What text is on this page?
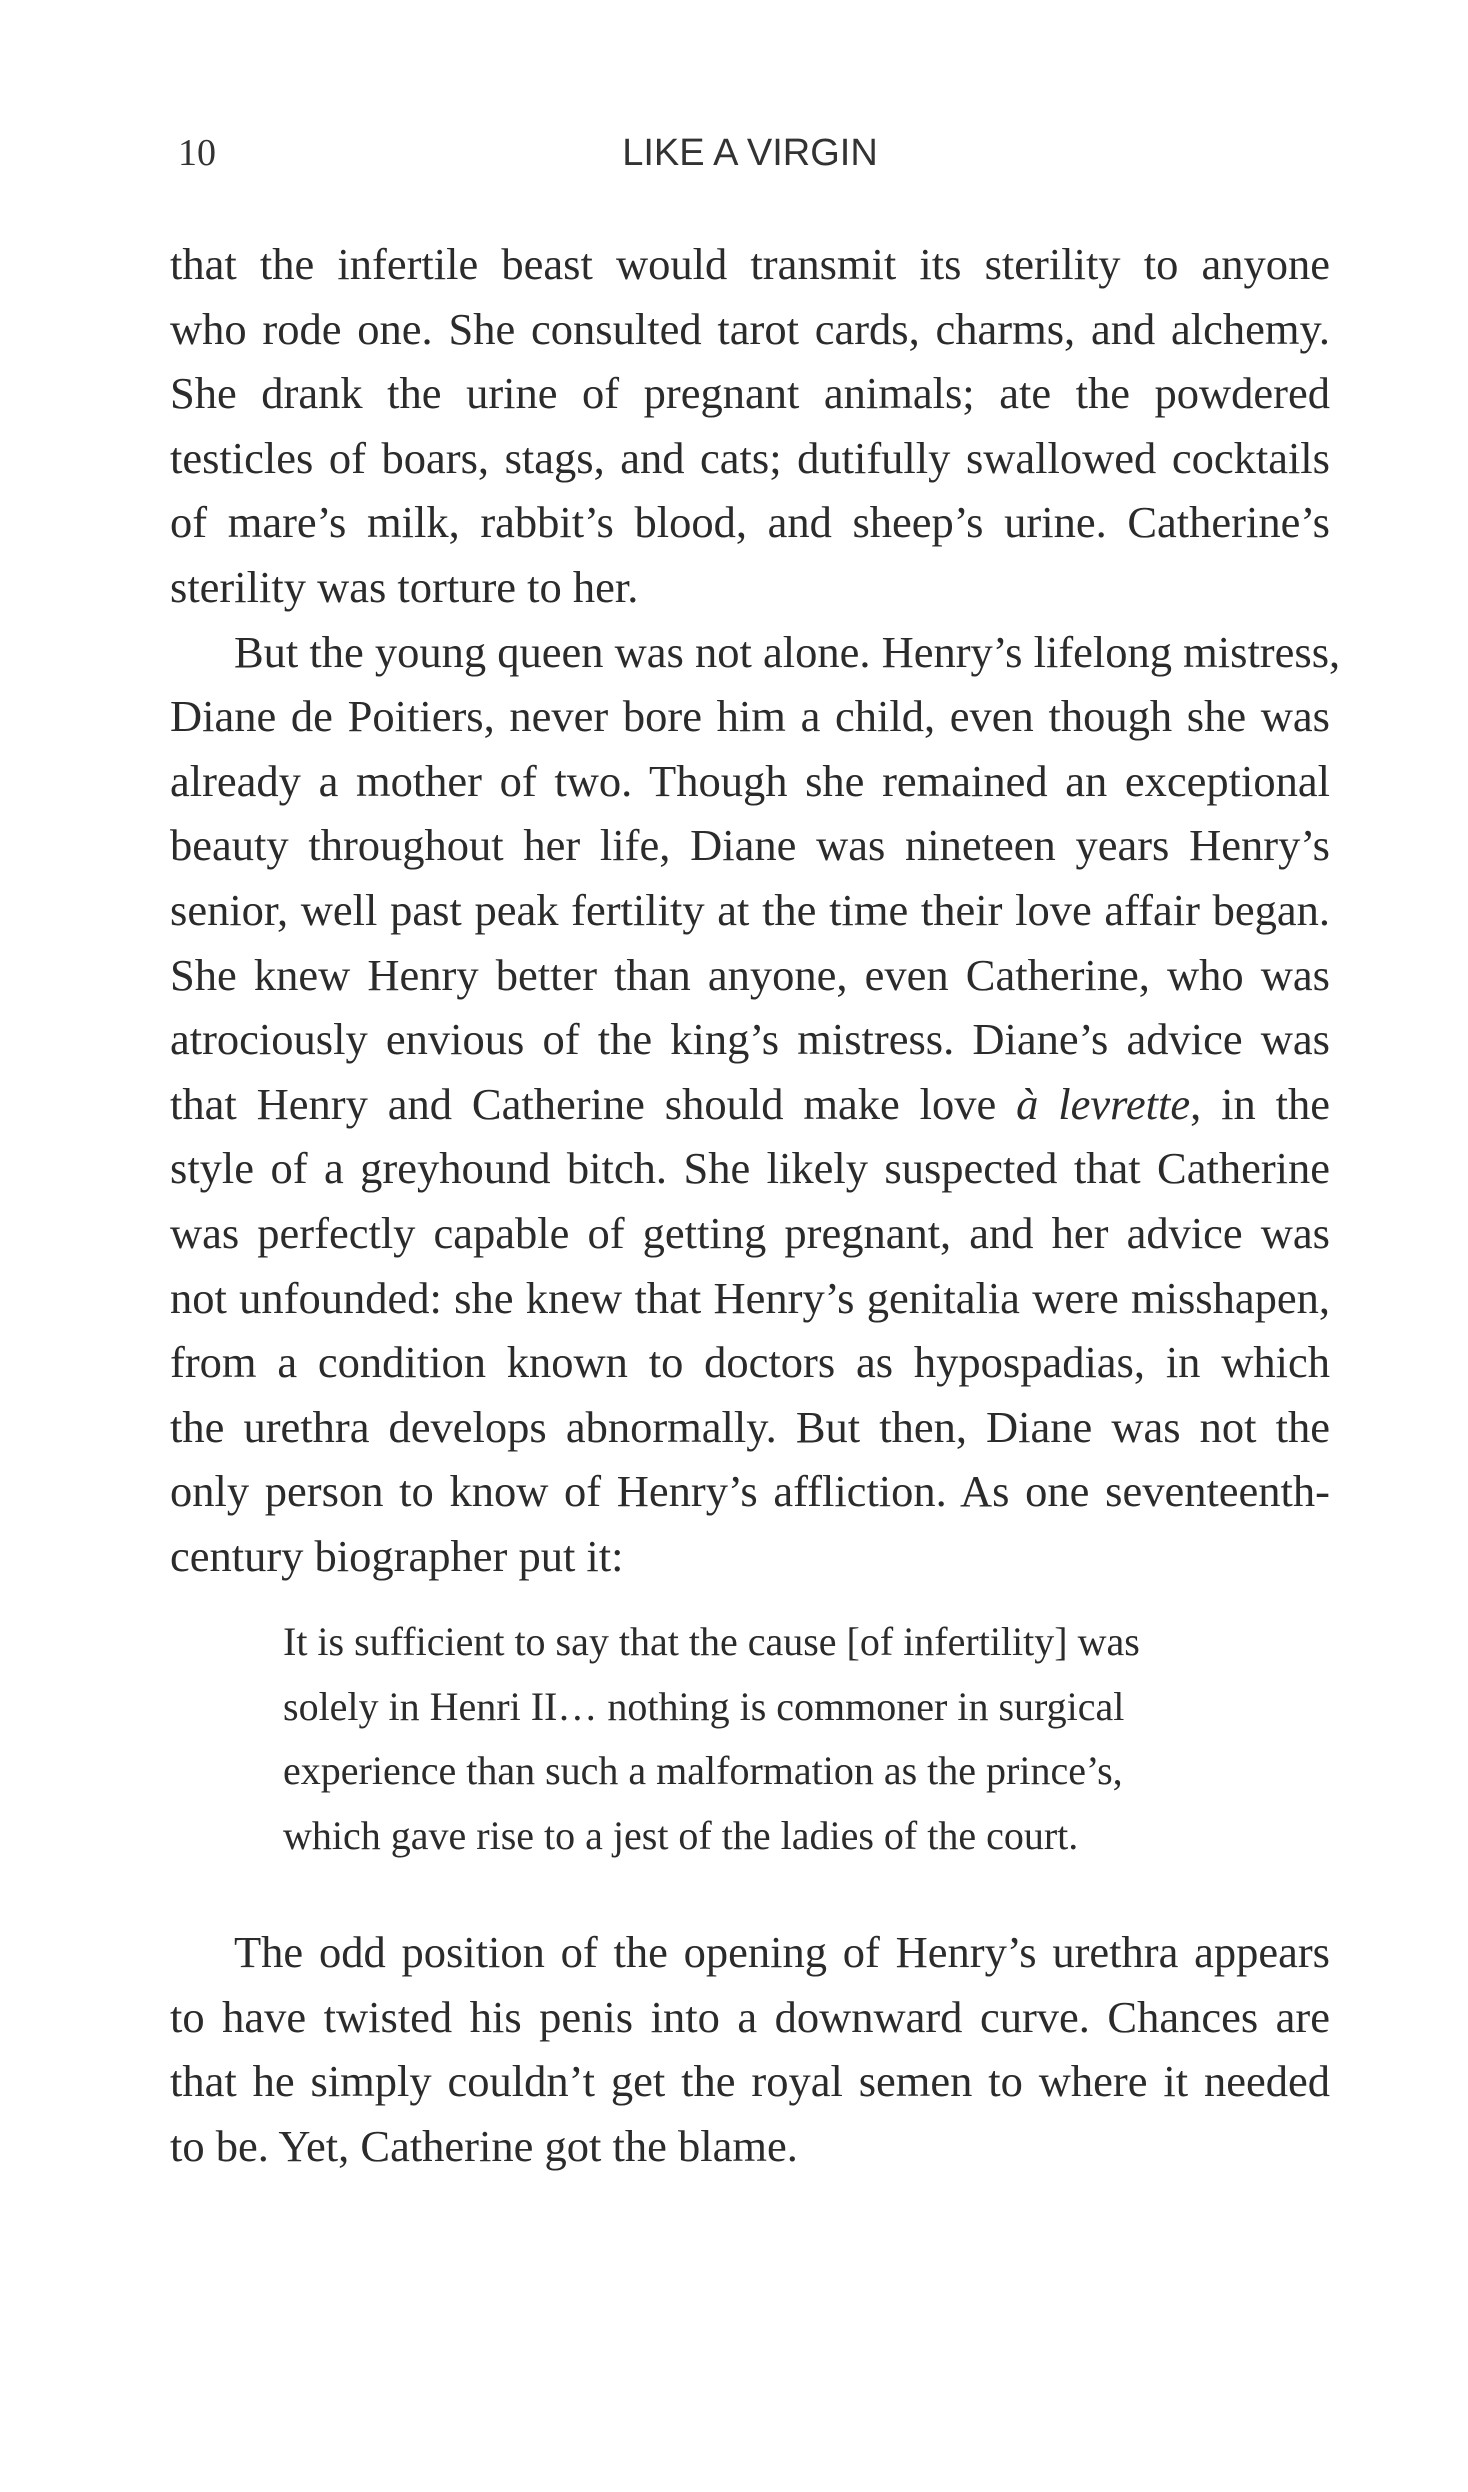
10	LIKE A VIRGIN
that the infertile beast would transmit its sterility to anyone
who rode one. She consulted tarot cards, charms, and alchemy.
She drank the urine of pregnant animals; ate the powdered
testicles of boars, stags, and cats; dutifully swallowed cocktails
of mare’s milk, rabbit’s blood, and sheep’s urine. Catherine’s
sterility was torture to her.
But the young queen was not alone. Henry’s lifelong mistress,
Diane de Poitiers, never bore him a child, even though she was
already a mother of two. Though she remained an exceptional
beauty throughout her life, Diane was nineteen years Henry’s
senior, well past peak fertility at the time their love affair began.
She knew Henry better than anyone, even Catherine, who was
atrociously envious of the king’s mistress. Diane’s advice was
that Henry and Catherine should make love à levrette, in the
style of a greyhound bitch. She likely suspected that Catherine
was perfectly capable of getting pregnant, and her advice was
not unfounded: she knew that Henry’s genitalia were misshapen,
from a condition known to doctors as hypospadias, in which
the urethra develops abnormally. But then, Diane was not the
only person to know of Henry’s affliction. As one seventeenth-
century biographer put it:
It is sufficient to say that the cause [of infertility] was
solely in Henri II… nothing is commoner in surgical
experience than such a malformation as the prince’s,
which gave rise to a jest of the ladies of the court.
The odd position of the opening of Henry’s urethra appears
to have twisted his penis into a downward curve. Chances are
that he simply couldn’t get the royal semen to where it needed
to be. Yet, Catherine got the blame.
